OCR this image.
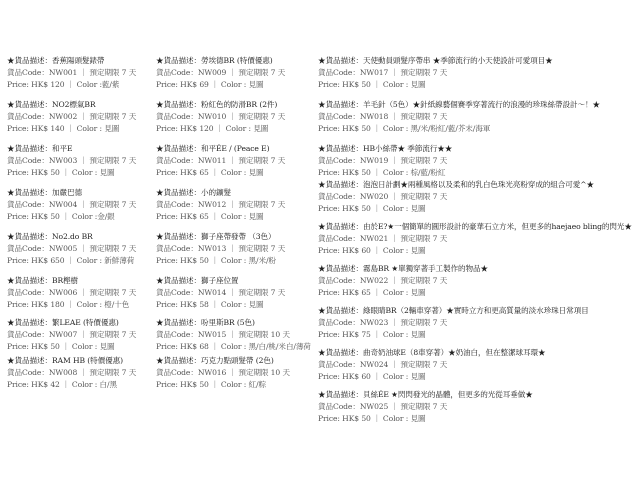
★貨品描述：香蕉陽頭髮錶帶
貨品Code：NW001 ｜ 預定期限 7 天
Price: HK$ 120 ｜ Color :藍/紫
★貨品描述：NO2標氣BR
貨品Code：NW002 ｜ 預定期限 7 天
Price: HK$ 140 ｜ Color : 見圖
★貨品描述：和平E
貨品Code：NW003 ｜ 預定期限 7 天
Price: HK$ 50 ｜ Color : 見圖
★貨品描述：加嚴巴德
貨品Code：NW004 ｜ 預定期限 7 天
Price: HK$ 50 ｜ Color :金/銀
★貨品描述：No2.do BR
貨品Code：NW005 ｜ 預定期限 7 天
Price: HK$ 650 ｜ Color : 新鮮薄荷
★貨品描述：BR樫樹
貨品Code：NW006 ｜ 預定期限 7 天
Price: HK$ 180 ｜ Color : 橙/十色
★貨品描述：繁LEAE (特價優惠)
貨品Code：NW007 ｜ 預定期限 7 天
Price: HK$ 50 ｜ Color : 見圖
★貨品描述：RAM HB (特價優惠)
貨品Code：NW008 ｜ 預定期限 7 天
Price: HK$ 42 ｜ Color : 白/黑
★貨品描述：勞埃德BR (特價優惠)
貨品Code：NW009 ｜ 預定期限 7 天
Price: HK$ 69 ｜ Color : 見圖
★貨品描述：粉紅色的防滑BR (2件)
貨品Code：NW010 ｜ 預定期限 7 天
Price: HK$ 120 ｜ Color : 見圖
★貨品描述：和平ÉE / (Peace E)
貨品Code：NW011 ｜ 預定期限 7 天
Price: HK$ 65 ｜ Color : 見圖
★貨品描述：小的鑛髮
貨品Code：NW012 ｜ 預定期限 7 天
Price: HK$ 65 ｜ Color : 見圖
★貨品描述：獅子座帶發帶 （3色）
貨品Code：NW013 ｜ 預定期限 7 天
Price: HK$ 50 ｜ Color : 黑/米/粉
★貨品描述：獅子座位置
貨品Code：NW014 ｜ 預定期限 7 天
Price: HK$ 58 ｜ Color : 見圖
★貨品描述：吩里斯BR (5色)
貨品Code：NW015 ｜ 預定期限 10 天
Price: HK$ 68 ｜ Color : 黑/白/桃/米白/薄荷
★貨品描述：巧克力點頭髮帶 (2色)
貨品Code：NW016 ｜ 預定期限 10 天
Price: HK$ 50 ｜ Color : 紅/粽
★貨品描述：天使動員頭髮序帶串 ★季節流行的小天使設計可愛項目★
貨品Code：NW017 ｜ 預定期限 7 天
Price: HK$ 50 ｜ Color : 見圖
★貨品描述：羊毛針（5色）★針紙線藝個賽季穿著流行的浪漫的珍珠絲帶設計～！★
貨品Code：NW018 ｜ 預定期限 7 天
Price: HK$ 50 ｜ Color : 黑/米/粉紅/藍/芥末/海軍
★貨品描述：HB小絲帶★ 季節流行★★
貨品Code：NW019 ｜ 預定期限 7 天
Price: HK$ 50 ｜ Color : 棕/藍/粉紅
★貨品描述：泡泡日計劃★兩種風格以及柔和的乳白色珠光亮粉穿成的組合可愛^★
貨品Code：NW020 ｜ 預定期限 7 天
Price: HK$ 50 ｜ Color : 見圖
★貨品描述：由於E?★一個簡單的圓形設計的豪華石立方米，但更多的haejaeo bling的閃光★
貨品Code：NW021 ｜ 預定期限 7 天
Price: HK$ 60 ｜ Color : 見圖
★貨品描述：霧島BR ★單獨穿著手工製作的物品★
貨品Code：NW022 ｜ 預定期限 7 天
Price: HK$ 65 ｜ Color : 見圖
★貨品描述：綠眼睛BR（2輛車穿著）★實時立方和更高質量的淡水珍珠日常項目
貨品Code：NW023 ｜ 預定期限 7 天
Price: HK$ 75 ｜ Color : 見圖
★貨品描述：曲奇奶油球E（8車穿著）★奶油白，但在整潔球耳環★
貨品Code：NW024 ｜ 預定期限 7 天
Price: HK$ 60 ｜ Color : 見圖
★貨品描述：貝絲ÉE ★閃閃發光的晶體，但更多的光從耳垂做★
貨品Code：NW025 ｜ 預定期限 7 天
Price: HK$ 50 ｜ Color : 見圖
